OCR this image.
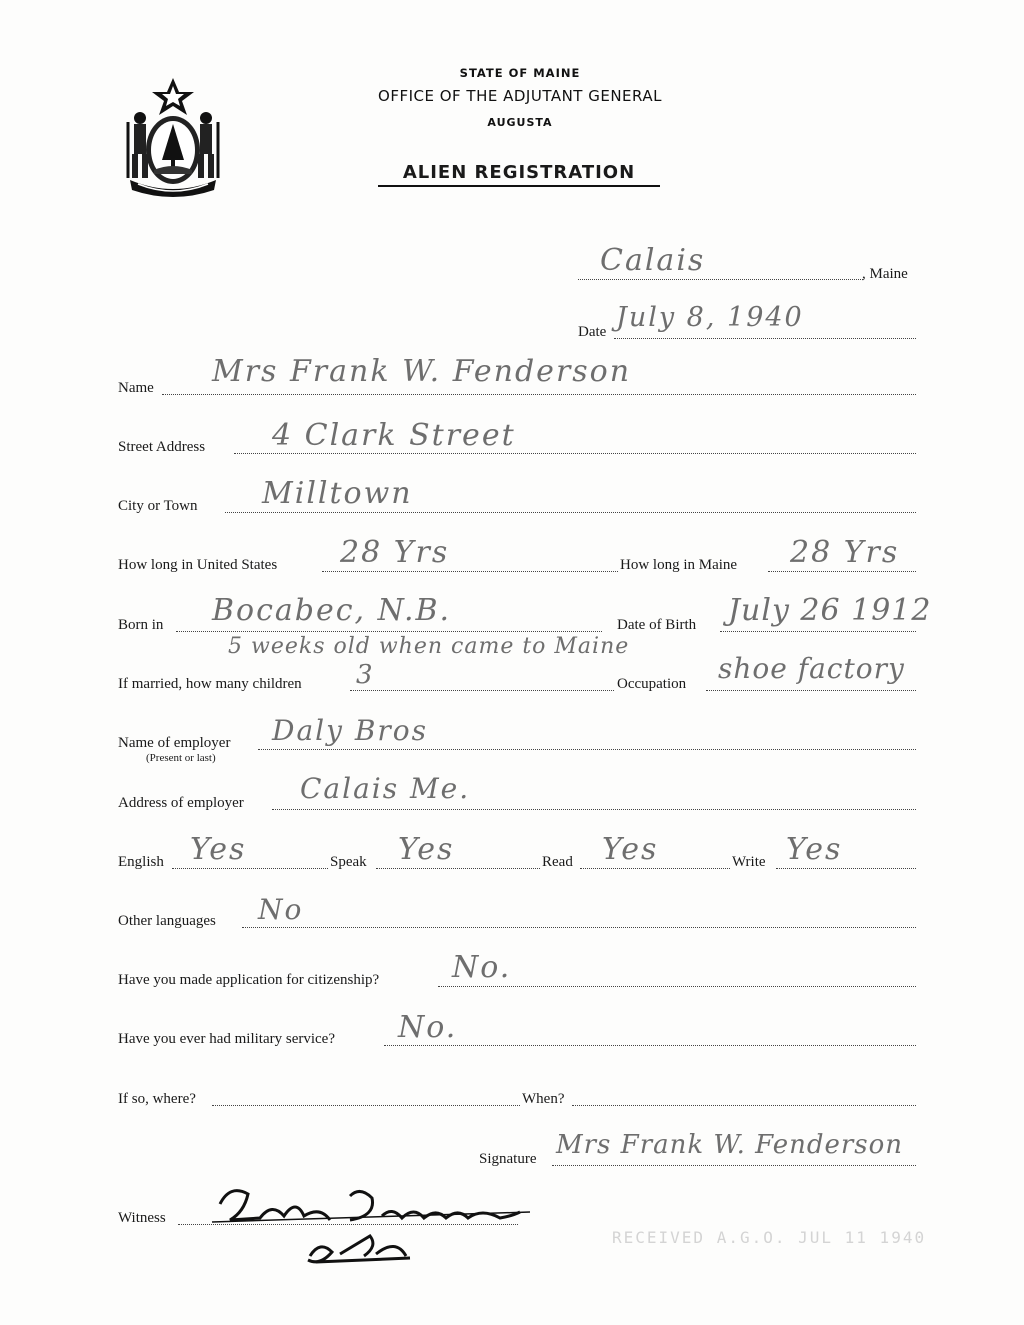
STATE OF MAINE
OFFICE OF THE ADJUTANT GENERAL
AUGUSTA
ALIEN REGISTRATION
Calais	, Maine
Date July 8, 1940
Name Mrs Frank W. Fenderson
Street Address 4 Clark Street
City or Town Milltown
How long in United States 28 Yrs	How long in Maine 28 Yrs
Born in Bocabec, N.B.	Date of Birth July 26 1912
5 weeks old when came to Maine
If married, how many children 3	Occupation shoe factory
Name of employer
(Present or last)
Daly Bros
Address of employer Calais Me.
English Yes	Speak Yes	Read Yes	Write Yes
Other languages No
Have you made application for citizenship? No.
Have you ever had military service? No.
If so, where?	When?
Signature Mrs Frank W. Fenderson
Witness
RECEIVED A.G.O. JUL 11 1940
